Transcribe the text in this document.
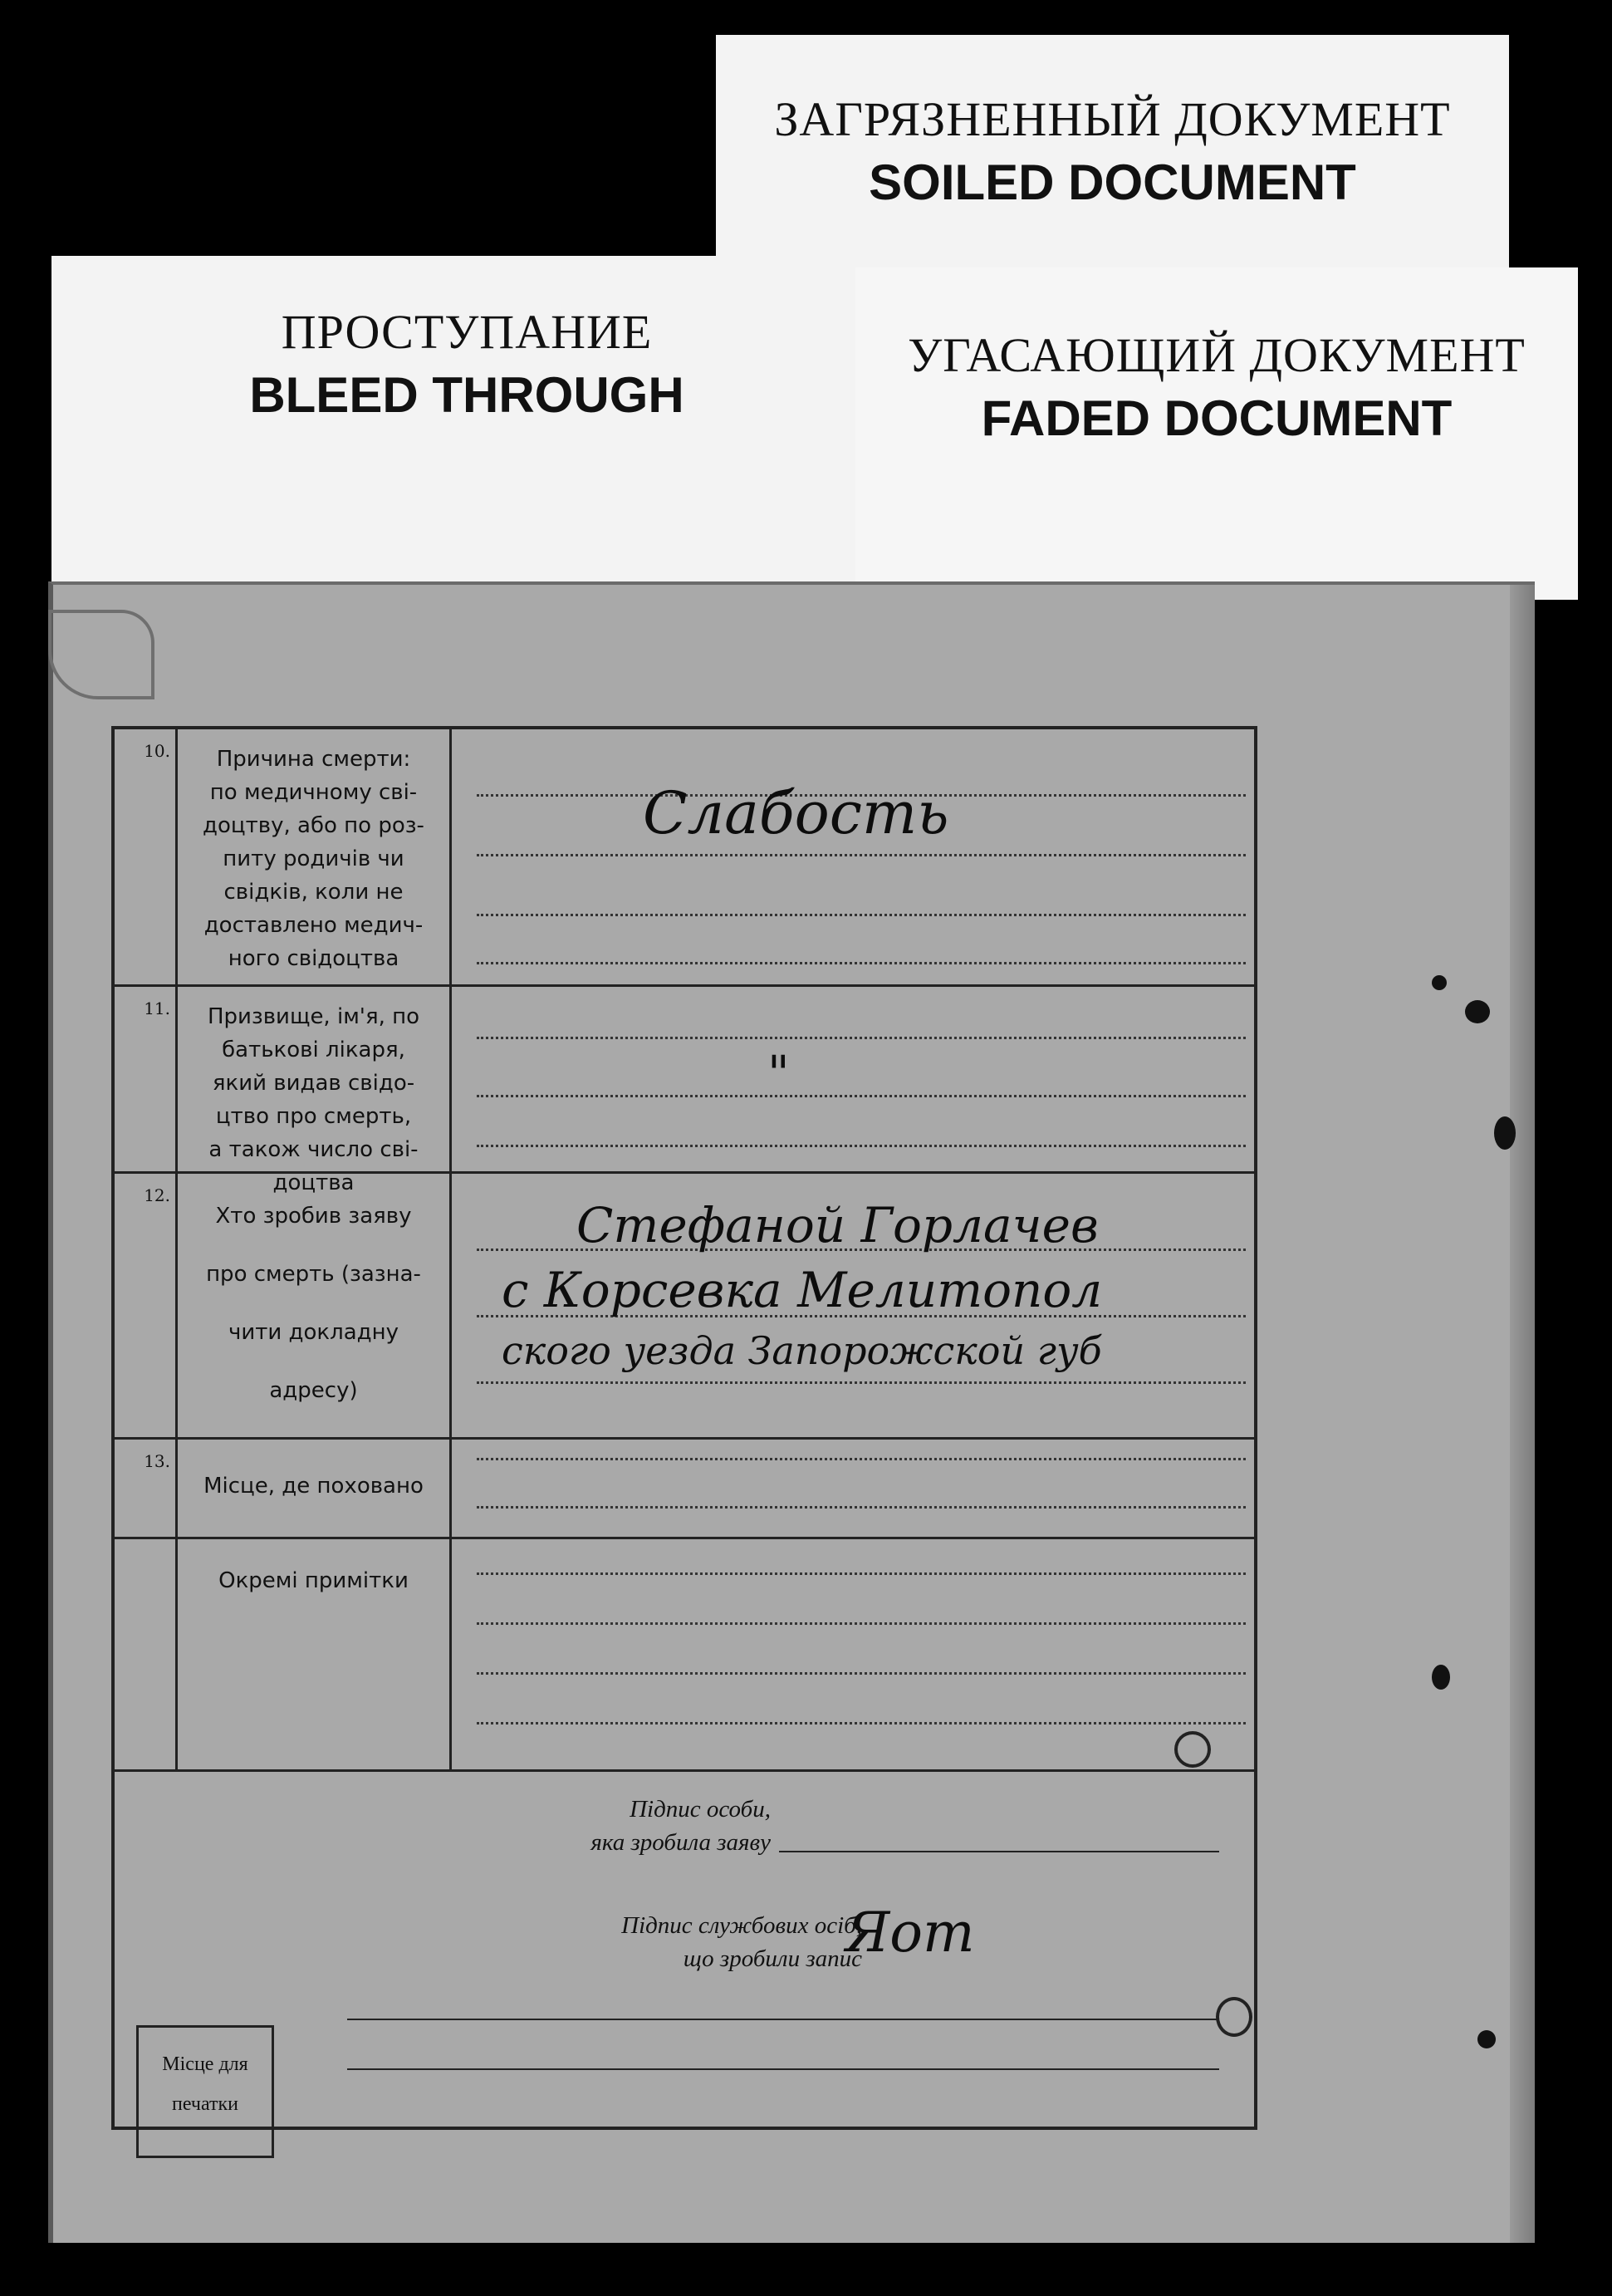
ЗАГРЯЗНЕННЫЙ ДОКУМЕНТ
SOILED DOCUMENT
ПРОСТУПАНИЕ
BLEED THROUGH
УГАСАЮЩИЙ ДОКУМЕНТ
FADED DOCUMENT
10.	Причина смерти:
по медичному сві-
доцтву, або по роз-
питу родичів чи
свідків, коли не
доставлено медич-
ного свідоцтва
Слабость
11.	Призвище, ім'я, по
батькові лікаря,
який видав свідо-
цтво про смерть,
а також число сві-
доцтва
"
12.
Хто зробив заяву
про смерть (зазна-
чити докладну
адресу)
Стефаной Горлачев
с Корсевка Мелитопол
ского уезда Запорожской губ
13.
Місце, де поховано
Окремі примітки
Підпис особи,
яка зробила заяву
Підпис службових осіб,
що зробили запис
Яот
Місце для
печатки
